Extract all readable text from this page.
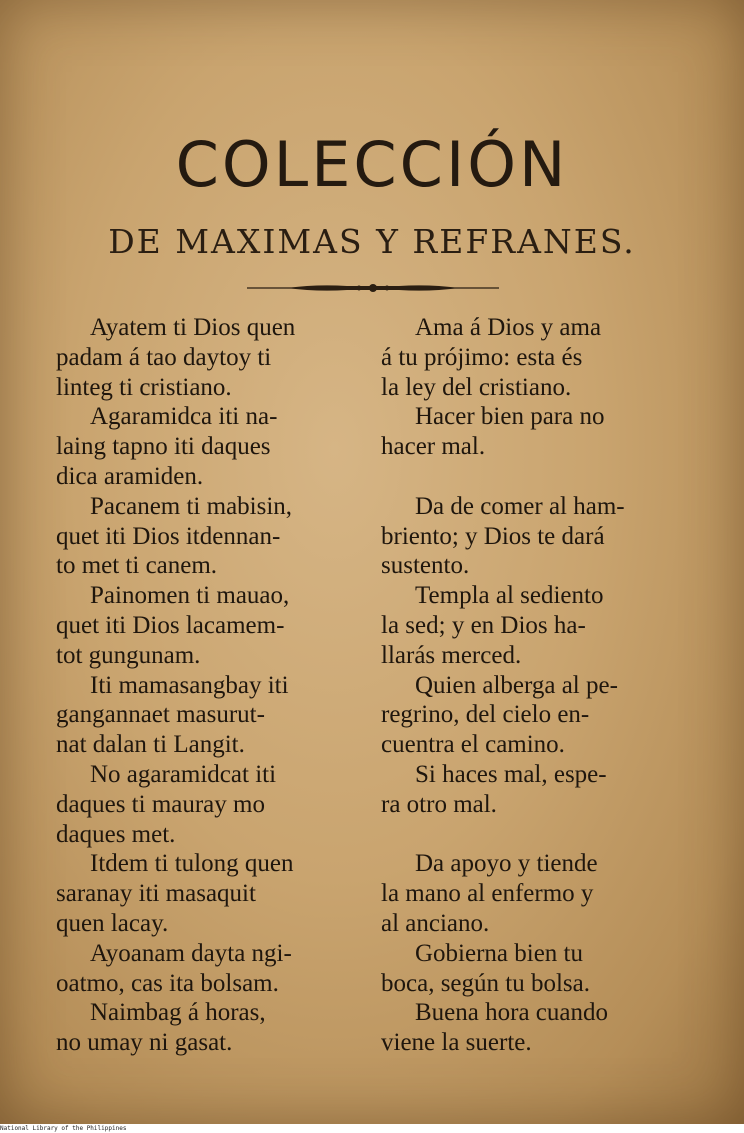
COLECCIÓN
DE MAXIMAS Y REFRANES.

Ayatem ti Dios quen
padam á tao daytoy ti
linteg ti cristiano.

Agaramidca iti na-
laing tapno iti daques
dica aramiden.

Pacanem ti mabisin,
quet iti Dios itdennan-
to met ti canem.

Painomen ti mauao,
quet iti Dios lacamem-
tot gungunam.

Iti mamasangbay iti
gangannaet masurut-
nat dalan ti Langit.

No agaramidcat iti
daques ti mauray mo
daques met.

Itdem ti tulong quen
saranay iti masaquit
quen lacay.

Ayoanam dayta ngi-
oatmo, cas ita bolsam.

Naimbag á horas,
no umay ni gasat.

Ama á Dios y ama
á tu prójimo: esta és
la ley del cristiano.

Hacer bien para no
hacer mal.

Da de comer al ham-
briento; y Dios te dará
sustento.

Templa al sediento
la sed; y en Dios ha-
llarás merced.

Quien alberga al pe-
regrino, del cielo en-
cuentra el camino.

Si haces mal, espe-
ra otro mal.

Da apoyo y tiende
la mano al enfermo y
al anciano.

Gobierna bien tu
boca, según tu bolsa.

Buena hora cuando
viene la suerte.

National Library of the Philippines
